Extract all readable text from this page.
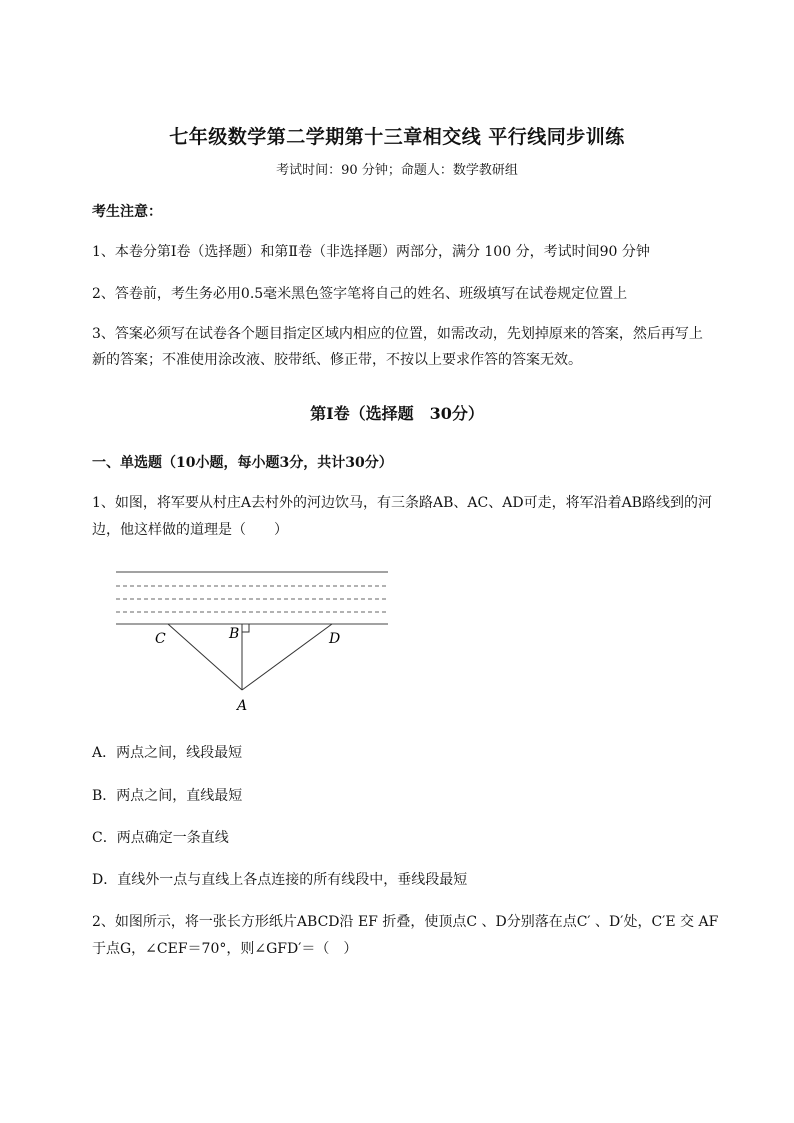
七年级数学第二学期第十三章相交线 平行线同步训练
考试时间：90 分钟；命题人：数学教研组
考生注意：
1、本卷分第Ⅰ卷（选择题）和第Ⅱ卷（非选择题）两部分，满分 100 分，考试时间90 分钟
2、答卷前，考生务必用0.5毫米黑色签字笔将自己的姓名、班级填写在试卷规定位置上
3、答案必须写在试卷各个题目指定区域内相应的位置，如需改动，先划掉原来的答案，然后再写上新的答案；不准使用涂改液、胶带纸、修正带，不按以上要求作答的答案无效。
第Ⅰ卷（选择题　30分）
一、单选题（10小题，每小题3分，共计30分）
1、如图，将军要从村庄A去村外的河边饮马，有三条路AB、AC、AD可走，将军沿着AB路线到的河
边，他这样做的道理是（　　）
C	B	D
A
A．两点之间，线段最短
B．两点之间，直线最短
C．两点确定一条直线
D．直线外一点与直线上各点连接的所有线段中，垂线段最短
2、如图所示，将一张长方形纸片ABCD沿 EF 折叠，使顶点C 、D分别落在点C′ 、D′处，C′E 交 AF
于点G，∠CEF＝70°，则∠GFD′＝（　）
